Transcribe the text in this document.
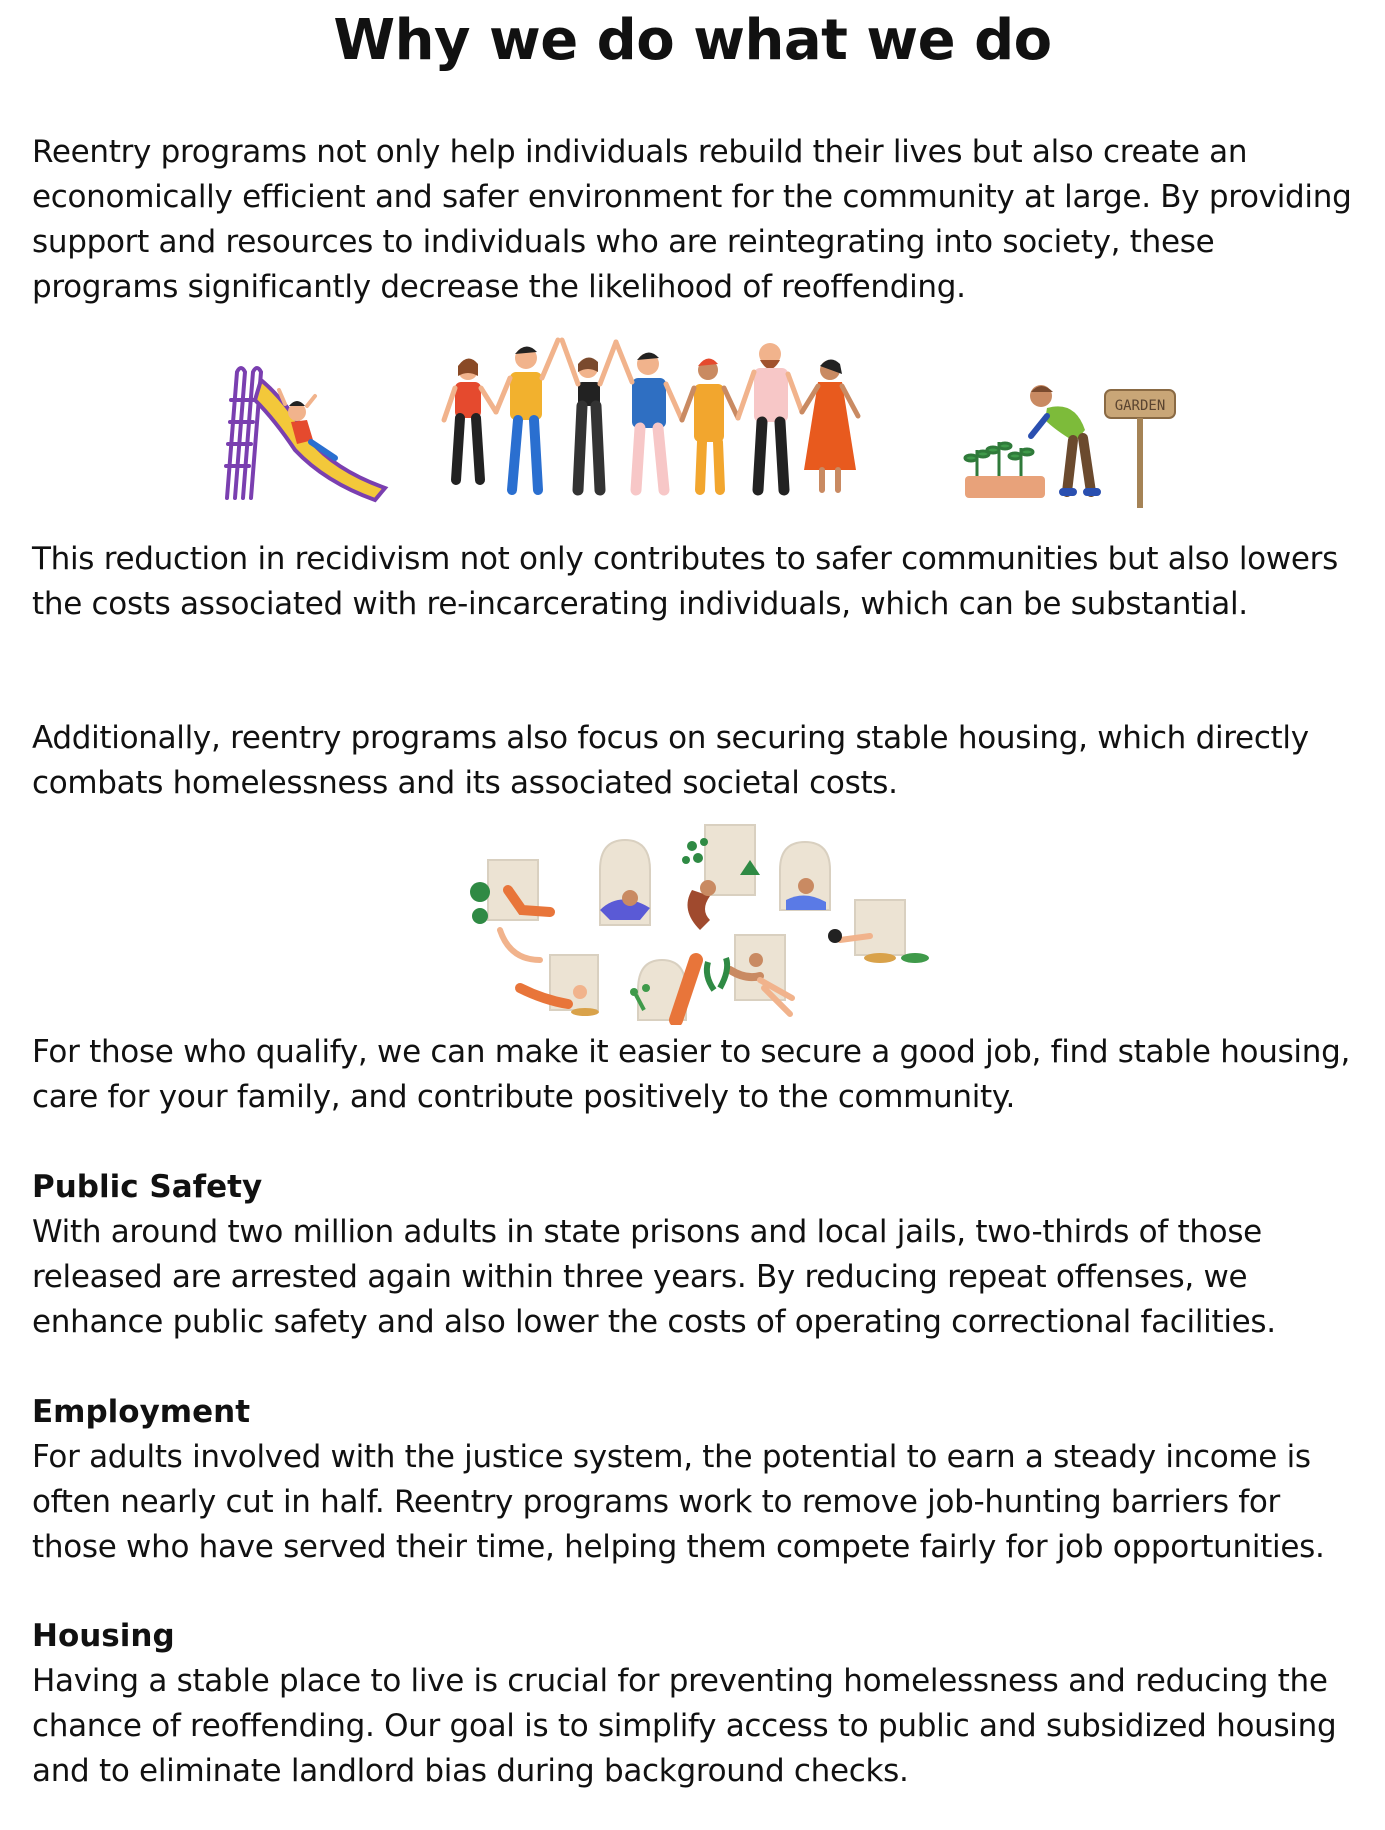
Why we do what we do

Reentry programs not only help individuals rebuild their lives but also create an economically efficient and safer environment for the community at large. By providing support and resources to individuals who are reintegrating into society, these programs significantly decrease the likelihood of reoffending.

GARDEN

This reduction in recidivism not only contributes to safer communities but also lowers the costs associated with re-incarcerating individuals, which can be substantial.

Additionally, reentry programs also focus on securing stable housing, which directly combats homelessness and its associated societal costs.

For those who qualify, we can make it easier to secure a good job, find stable housing, care for your family, and contribute positively to the community.

Public Safety

With around two million adults in state prisons and local jails, two-thirds of those released are arrested again within three years. By reducing repeat offenses, we enhance public safety and also lower the costs of operating correctional facilities.

Employment

For adults involved with the justice system, the potential to earn a steady income is often nearly cut in half. Reentry programs work to remove job-hunting barriers for those who have served their time, helping them compete fairly for job opportunities.

Housing

Having a stable place to live is crucial for preventing homelessness and reducing the chance of reoffending. Our goal is to simplify access to public and subsidized housing and to eliminate landlord bias during background checks.
